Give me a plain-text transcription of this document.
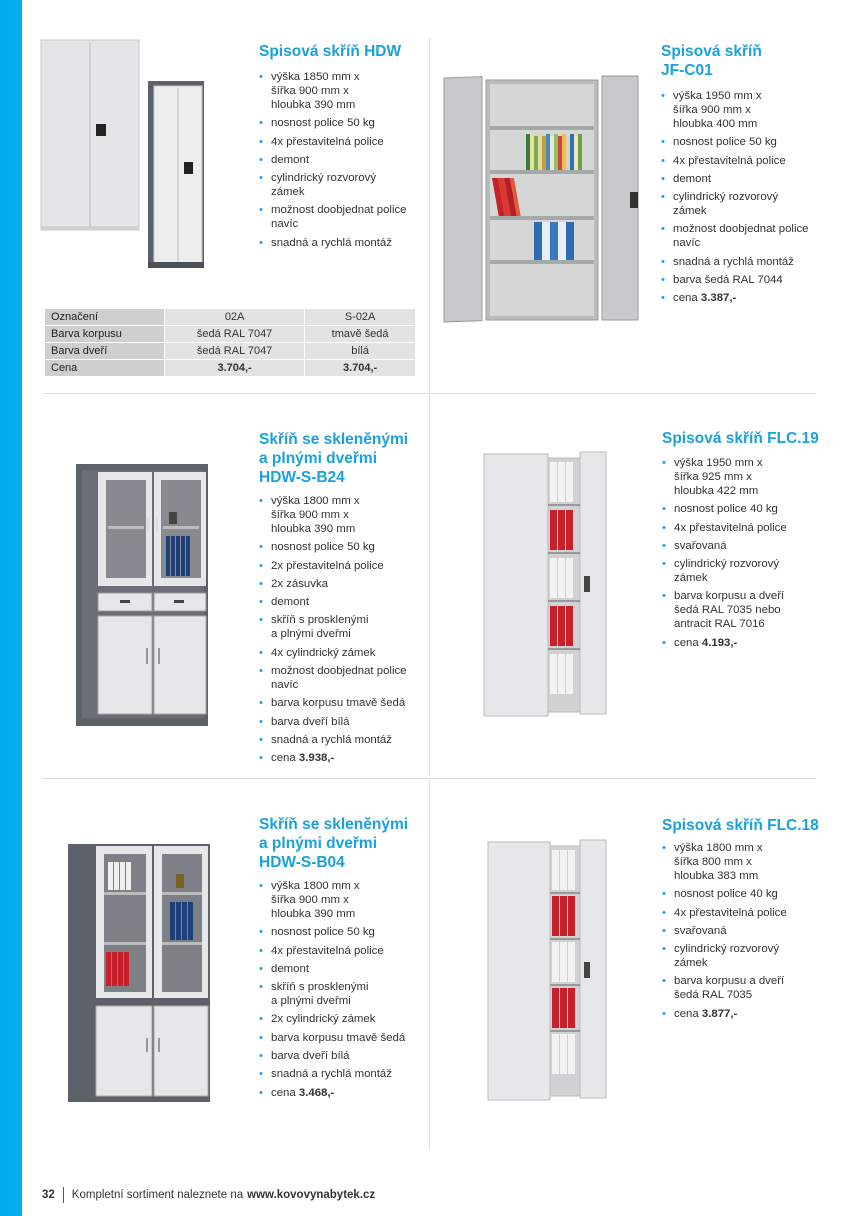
Spisová skříň HDW
• výška 1850 mm x
šířka 900 mm x
hloubka 390 mm
• nosnost police 50 kg
• 4x přestavitelná police
• demont
• cylindrický rozvorový
zámek
• možnost doobjednat police
navíc
• snadná a rychlá montáž
Spisová skříň
JF-C01
• výška 1950 mm x
šířka 900 mm x
hloubka 400 mm
• nosnost police 50 kg
• 4x přestavitelná police
• demont
• cylindrický rozvorový
zámek
• možnost doobjednat police
navíc
• snadná a rychlá montáž
• barva šedá RAL 7044
• cena 3.387,-
Skříň se skleněnými
a plnými dveřmi
HDW-S-B24
• výška 1800 mm x
šířka 900 mm x
hloubka 390 mm
• nosnost police 50 kg
• 2x přestavitelná police
• 2x zásuvka
• demont
• skříň s prosklenými
a plnými dveřmi
• 4x cylindrický zámek
• možnost doobjednat police
navíc
• barva korpusu tmavě šedá
• barva dveří bílá
• snadná a rychlá montáž
• cena 3.938,-
Spisová skříň FLC.19
• výška 1950 mm x
šířka 925 mm x
hloubka 422 mm
• nosnost police 40 kg
• 4x přestavitelná police
• svařovaná
• cylindrický rozvorový
zámek
• barva korpusu a dveří
šedá RAL 7035 nebo
antracit RAL 7016
• cena 4.193,-
Skříň se skleněnými
a plnými dveřmi
HDW-S-B04
• výška 1800 mm x
šířka 900 mm x
hloubka 390 mm
• nosnost police 50 kg
• 4x přestavitelná police
• demont
• skříň s prosklenými
a plnými dveřmi
• 2x cylindrický zámek
• barva korpusu tmavě šedá
• barva dveří bílá
• snadná a rychlá montáž
• cena 3.468,-
Spisová skříň FLC.18
• výška 1800 mm x
šířka 800 mm x
hloubka 383 mm
• nosnost police 40 kg
• 4x přestavitelná police
• svařovaná
• cylindrický rozvorový
zámek
• barva korpusu a dveří
šedá RAL 7035
• cena 3.877,-
Označení	02A	S-02A
Barva korpusu	šedá RAL 7047	tmavě šedá
Barva dveří	šedá RAL 7047	bílá
Cena	3.704,-	3.704,-
32 Kompletní sortiment naleznete na www.kovovynabytek.cz
